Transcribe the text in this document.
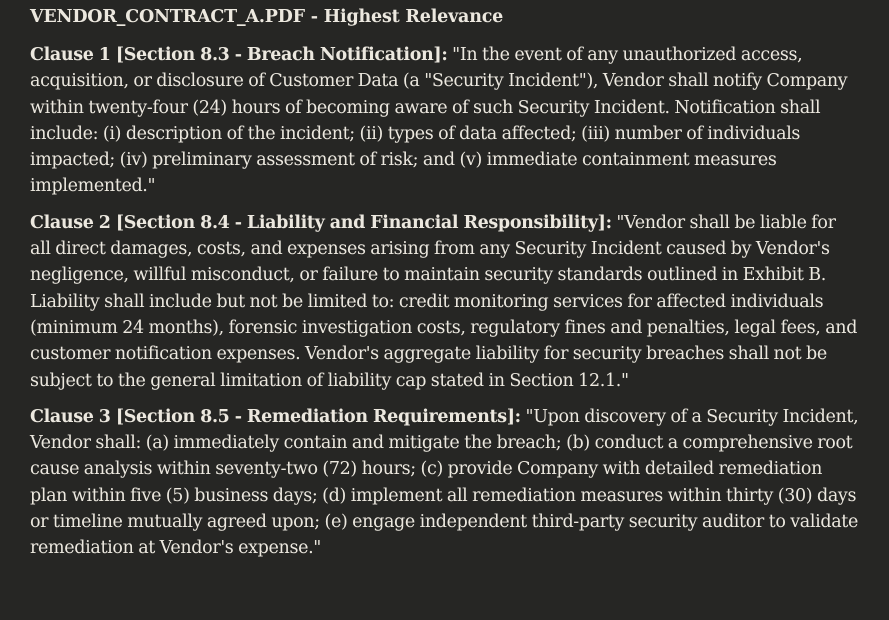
VENDOR_CONTRACT_A.PDF - Highest Relevance

Clause 1 [Section 8.3 - Breach Notification]: "In the event of any unauthorized access, acquisition, or disclosure of Customer Data (a "Security Incident"), Vendor shall notify Company within twenty-four (24) hours of becoming aware of such Security Incident. Notification shall include: (i) description of the incident; (ii) types of data affected; (iii) number of individuals impacted; (iv) preliminary assessment of risk; and (v) immediate containment measures implemented."

Clause 2 [Section 8.4 - Liability and Financial Responsibility]: "Vendor shall be liable for all direct damages, costs, and expenses arising from any Security Incident caused by Vendor's negligence, willful misconduct, or failure to maintain security standards outlined in Exhibit B. Liability shall include but not be limited to: credit monitoring services for affected individuals (minimum 24 months), forensic investigation costs, regulatory fines and penalties, legal fees, and customer notification expenses. Vendor's aggregate liability for security breaches shall not be subject to the general limitation of liability cap stated in Section 12.1."

Clause 3 [Section 8.5 - Remediation Requirements]: "Upon discovery of a Security Incident, Vendor shall: (a) immediately contain and mitigate the breach; (b) conduct a comprehensive root cause analysis within seventy-two (72) hours; (c) provide Company with detailed remediation plan within five (5) business days; (d) implement all remediation measures within thirty (30) days or timeline mutually agreed upon; (e) engage independent third-party security auditor to validate remediation at Vendor's expense."
